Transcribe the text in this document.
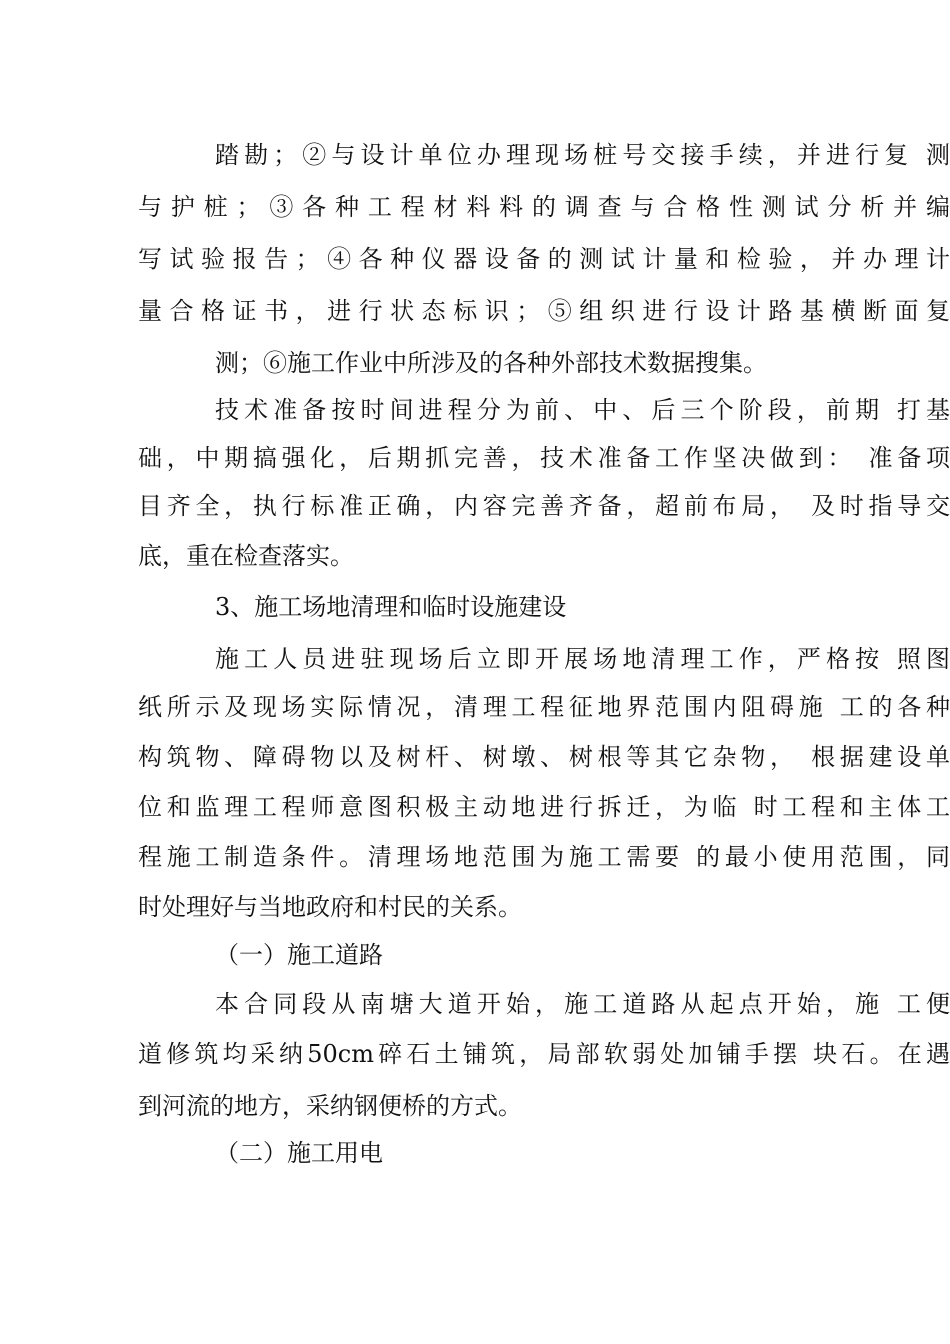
踏勘；②与设计单位办理现场桩号交接手续，并进行复 测
与护桩；③各种工程材料料的调查与合格性测试分析并编
写试验报告；④各种仪器设备的测试计量和检验，并办理计
量合格证书，进行状态标识；⑤组织进行设计路基横断面复
测；⑥施工作业中所涉及的各种外部技术数据搜集。
技术准备按时间进程分为前、中、后三个阶段，前期 打基
础，中期搞强化，后期抓完善，技术准备工作坚决做到： 准备项
目齐全，执行标准正确，内容完善齐备，超前布局， 及时指导交
底，重在检查落实。
3、施工场地清理和临时设施建设
施工人员进驻现场后立即开展场地清理工作，严格按 照图
纸所示及现场实际情况，清理工程征地界范围内阻碍施 工的各种
构筑物、障碍物以及树杆、树墩、树根等其它杂物， 根据建设单
位和监理工程师意图积极主动地进行拆迁，为临 时工程和主体工
程施工制造条件。清理场地范围为施工需要 的最小使用范围，同
时处理好与当地政府和村民的关系。
（一）施工道路
本合同段从南塘大道开始，施工道路从起点开始，施 工便
道修筑均采纳50cm碎石土铺筑，局部软弱处加铺手摆 块石。在遇
到河流的地方，采纳钢便桥的方式。
（二）施工用电
